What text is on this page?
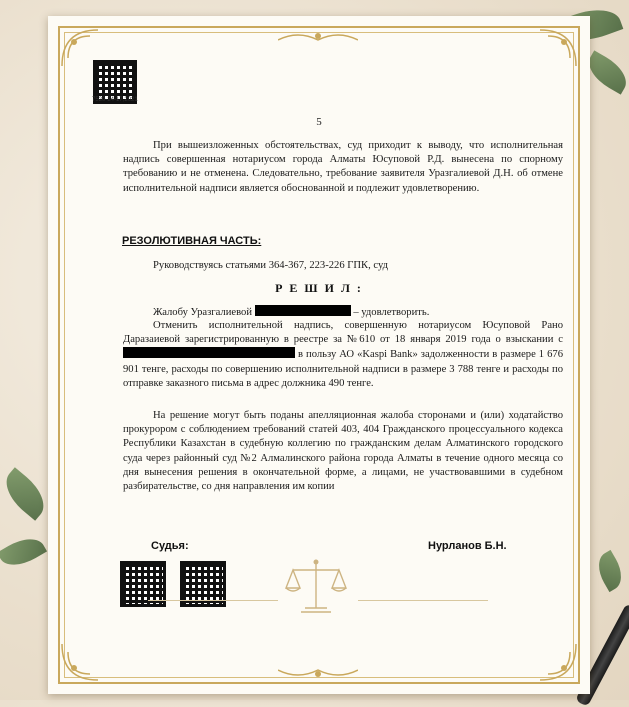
7520-24-17,2021
5
При вышеизложенных обстоятельствах, суд приходит к выводу, что исполнительная надпись совершенная нотариусом города Алматы Юсуповой Р.Д. вынесена по спорному требованию и не отменена. Следовательно, требование заявителя Уразгалиевой Д.Н. об отмене исполнительной надписи является обоснованной и подлежит удовлетворению.
РЕЗОЛЮТИВНАЯ ЧАСТЬ:
Руководствуясь статьями 364-367, 223-226 ГПК, суд
Р Е Ш И Л :
Жалобу Уразгалиевой	– удовлетворить.
Отменить исполнительной надпись, совершенную нотариусом Юсуповой Рано Даразаиевой зарегистрированную в реестре за №610 от 18 января 2019 года о взыскании с  в пользу АО «Kaspi Bank» задолженности в размере 1 676 901 тенге, расходы по совершению исполнительной надписи в размере 3 788 тенге и расходы по отправке заказного письма в адрес должника 490 тенге.
На решение могут быть поданы апелляционная жалоба сторонами и (или) ходатайство прокурором с соблюдением требований статей 403, 404 Гражданского процессуального кодекса Республики Казахстан в судебную коллегию по гражданским делам Алматинского городского суда через районный суд №2 Алмалинского района города Алматы в течение одного месяца со дня вынесения решения в окончательной форме, а лицами, не участвовавшими в судебном разбирательстве, со дня направления им копии
Судья:	Нурланов Б.Н.
